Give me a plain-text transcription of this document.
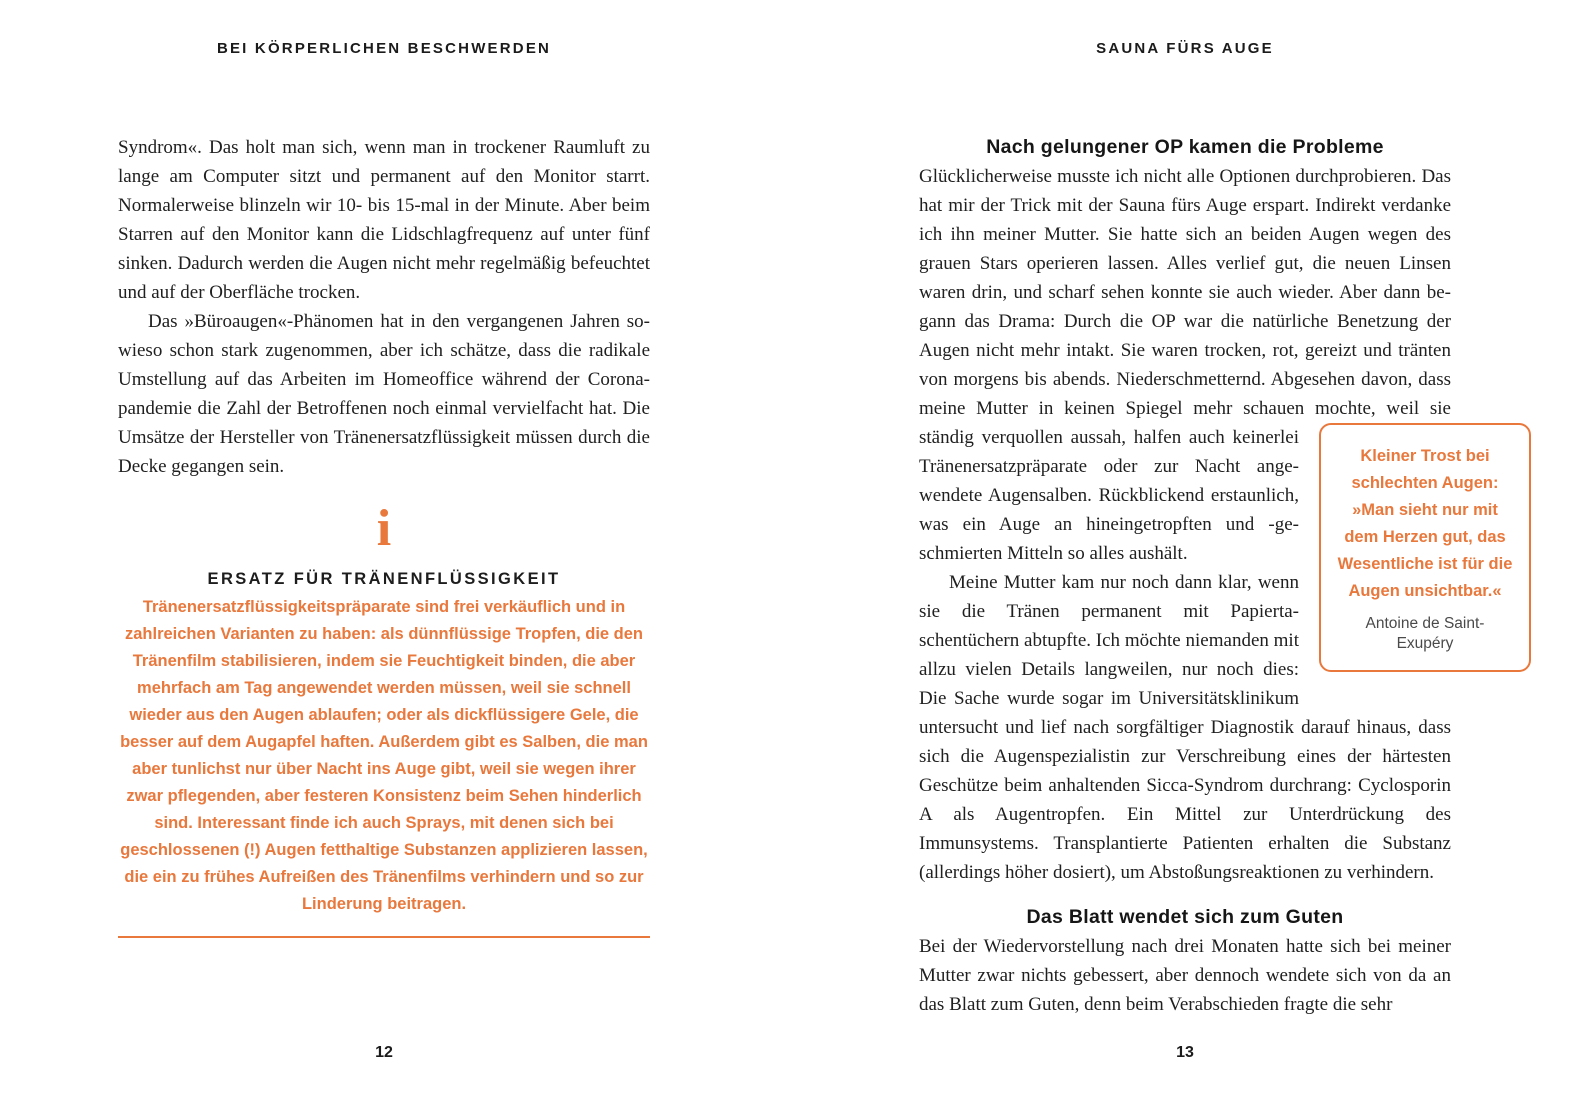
BEI KÖRPERLICHEN BESCHWERDEN

Syndrom«. Das holt man sich, wenn man in trockener Raumluft zu lange am Computer sitzt und permanent auf den Monitor starrt. Normalerweise blinzeln wir 10- bis 15-mal in der Minute. Aber beim Starren auf den Monitor kann die Lidschlagfrequenz auf unter fünf sinken. Dadurch werden die Augen nicht mehr regelmäßig befeuchtet und auf der Oberfläche trocken.

Das »Büroaugen«-Phänomen hat in den vergangenen Jahren sowieso schon stark zugenommen, aber ich schätze, dass die radikale Umstellung auf das Arbeiten im Homeoffice während der Coronapandemie die Zahl der Betroffenen noch einmal vervielfacht hat. Die Umsätze der Hersteller von Tränenersatzflüssigkeit müssen durch die Decke gegangen sein.

i
ERSATZ FÜR TRÄNENFLÜSSIGKEIT

Tränenersatzflüssigkeitspräparate sind frei verkäuflich und in zahlreichen Varianten zu haben: als dünnflüssige Tropfen, die den Tränenfilm stabilisieren, indem sie Feuchtigkeit binden, die aber mehrfach am Tag angewendet werden müssen, weil sie schnell wieder aus den Augen ablaufen; oder als dickflüssigere Gele, die besser auf dem Augapfel haften. Außerdem gibt es Salben, die man aber tunlichst nur über Nacht ins Auge gibt, weil sie wegen ihrer zwar pflegenden, aber festeren Konsistenz beim Sehen hinderlich sind. Interessant finde ich auch Sprays, mit denen sich bei geschlossenen (!) Augen fetthaltige Substanzen applizieren lassen, die ein zu frühes Aufreißen des Tränenfilms verhindern und so zur Linderung beitragen.

12
SAUNA FÜRS AUGE
Nach gelungener OP kamen die Probleme

Glücklicherweise musste ich nicht alle Optionen durchprobieren. Das hat mir der Trick mit der Sauna fürs Auge erspart. Indirekt verdanke ich ihn meiner Mutter. Sie hatte sich an beiden Augen wegen des grauen Stars operieren lassen. Alles verlief gut, die neuen Linsen waren drin, und scharf sehen konnte sie auch wieder. Aber dann begann das Drama: Durch die OP war die natürliche Benetzung der Augen nicht mehr intakt. Sie waren trocken, rot, gereizt und tränten von morgens bis abends. Niederschmetternd. Abgesehen davon, dass meine Mutter in keinen Spiegel mehr schauen mochte, weil sie
Kleiner Trost bei schlechten Augen: »Man sieht nur mit dem Herzen gut, das Wesentliche ist für die Augen unsichtbar.«
Antoine de Saint-Exupéry
ständig verquollen aussah, halfen auch keinerlei Tränenersatzpräparate oder zur Nacht angewendete Augensalben. Rückblickend erstaunlich, was ein Auge an hineingetropften und -geschmierten Mitteln so alles aushält.

Meine Mutter kam nur noch dann klar, wenn sie die Tränen permanent mit Papiertaschentüchern abtupfte. Ich möchte niemanden mit allzu vielen Details langweilen, nur noch dies: Die Sache wurde sogar im Universitätsklinikum untersucht und lief nach sorgfältiger Diagnostik darauf hinaus, dass sich die Augenspezialistin zur Verschreibung eines der härtesten Geschütze beim anhaltenden Sicca-Syndrom durchrang: Cyclosporin A als Augentropfen. Ein Mittel zur Unterdrückung des Immunsystems. Transplantierte Patienten erhalten die Substanz (allerdings höher dosiert), um Abstoßungsreaktionen zu verhindern.

Das Blatt wendet sich zum Guten

Bei der Wiedervorstellung nach drei Monaten hatte sich bei meiner Mutter zwar nichts gebessert, aber dennoch wendete sich von da an das Blatt zum Guten, denn beim Verabschieden fragte die sehr

13
